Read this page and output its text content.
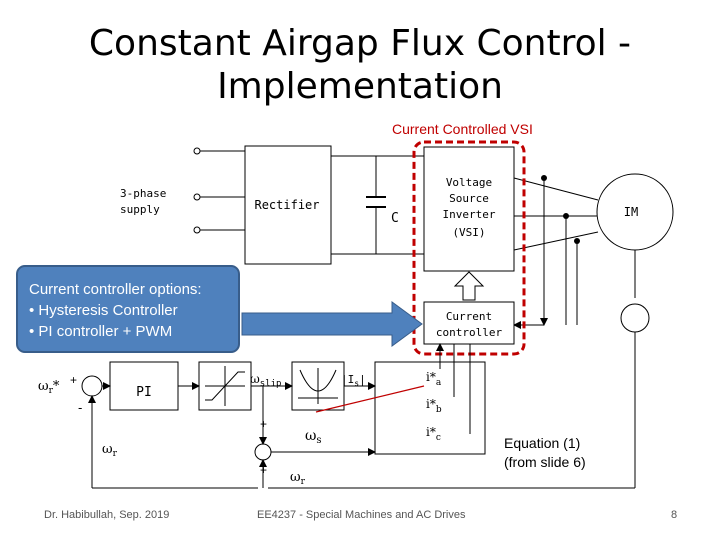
Constant Airgap Flux Control -
Implementation
Current Controlled VSI
3-phase
supply	Rectifier
C
Voltage
Source
Inverter
(VSI)
IM
Current
controller
$i*_a$
$i*_b$
$i*_c$
$|I_s|$
$\omega_{slip}$
PI
$\omega_r*$ +
-
$\omega_r$
+
+
$\omega_s$
$\omega_r$
Current controller options:
• Hysteresis Controller
• PI controller + PWM
Equation (1)
(from slide 6)
Dr. Habibullah, Sep. 2019	EE4237 - Special Machines and AC Drives	8
